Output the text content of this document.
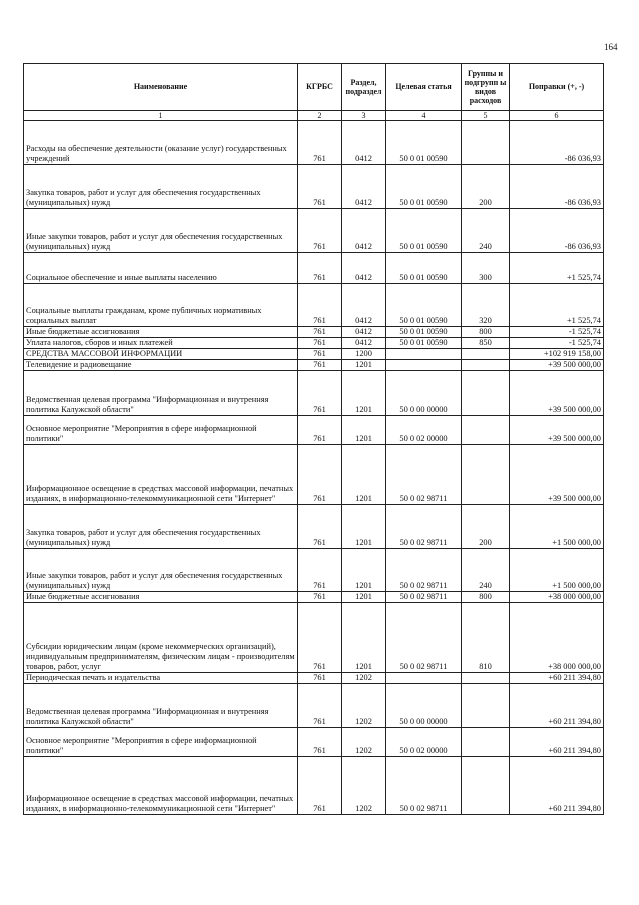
164
Наименование	КГРБС	Раздел, подраздел	Целевая статья	Группы и подгрупп ы видов расходов	Поправки (+, -)
1	2	3	4	5	6
Расходы на обеспечение деятельности (оказание услуг) государственных учреждений	761	0412	50 0 01 00590		-86 036,93
Закупка товаров, работ и услуг для обеспечения государственных (муниципальных) нужд	761	0412	50 0 01 00590	200	-86 036,93
Иные закупки товаров, работ и услуг для обеспечения государственных (муниципальных) нужд	761	0412	50 0 01 00590	240	-86 036,93
Социальное обеспечение и иные выплаты населению	761	0412	50 0 01 00590	300	+1 525,74
Социальные выплаты гражданам, кроме публичных нормативных социальных выплат	761	0412	50 0 01 00590	320	+1 525,74
Иные бюджетные ассигнования	761	0412	50 0 01 00590	800	-1 525,74
Уплата налогов, сборов и иных платежей	761	0412	50 0 01 00590	850	-1 525,74
СРЕДСТВА МАССОВОЙ ИНФОРМАЦИИ	761	1200			+102 919 158,00
Телевидение и радиовещание	761	1201			+39 500 000,00
Ведомственная целевая программа "Информационная и внутренняя политика Калужской области"	761	1201	50 0 00 00000		+39 500 000,00
Основное мероприятие "Мероприятия в сфере информационной политики"	761	1201	50 0 02 00000		+39 500 000,00
Информационное освещение в средствах массовой информации, печатных изданиях, в информационно-телекоммуникационной сети "Интернет"	761	1201	50 0 02 98711		+39 500 000,00
Закупка товаров, работ и услуг для обеспечения государственных (муниципальных) нужд	761	1201	50 0 02 98711	200	+1 500 000,00
Иные закупки товаров, работ и услуг для обеспечения государственных (муниципальных) нужд	761	1201	50 0 02 98711	240	+1 500 000,00
Иные бюджетные ассигнования	761	1201	50 0 02 98711	800	+38 000 000,00
Субсидии юридическим лицам (кроме некоммерческих организаций), индивидуальным предпринимателям, физическим лицам - производителям товаров, работ, услуг	761	1201	50 0 02 98711	810	+38 000 000,00
Периодическая печать и издательства	761	1202			+60 211 394,80
Ведомственная целевая программа "Информационная и внутренняя политика Калужской области"	761	1202	50 0 00 00000		+60 211 394,80
Основное мероприятие "Мероприятия в сфере информационной политики"	761	1202	50 0 02 00000		+60 211 394,80
Информационное освещение в средствах массовой информации, печатных изданиях, в информационно-телекоммуникационной сети "Интернет"	761	1202	50 0 02 98711		+60 211 394,80
